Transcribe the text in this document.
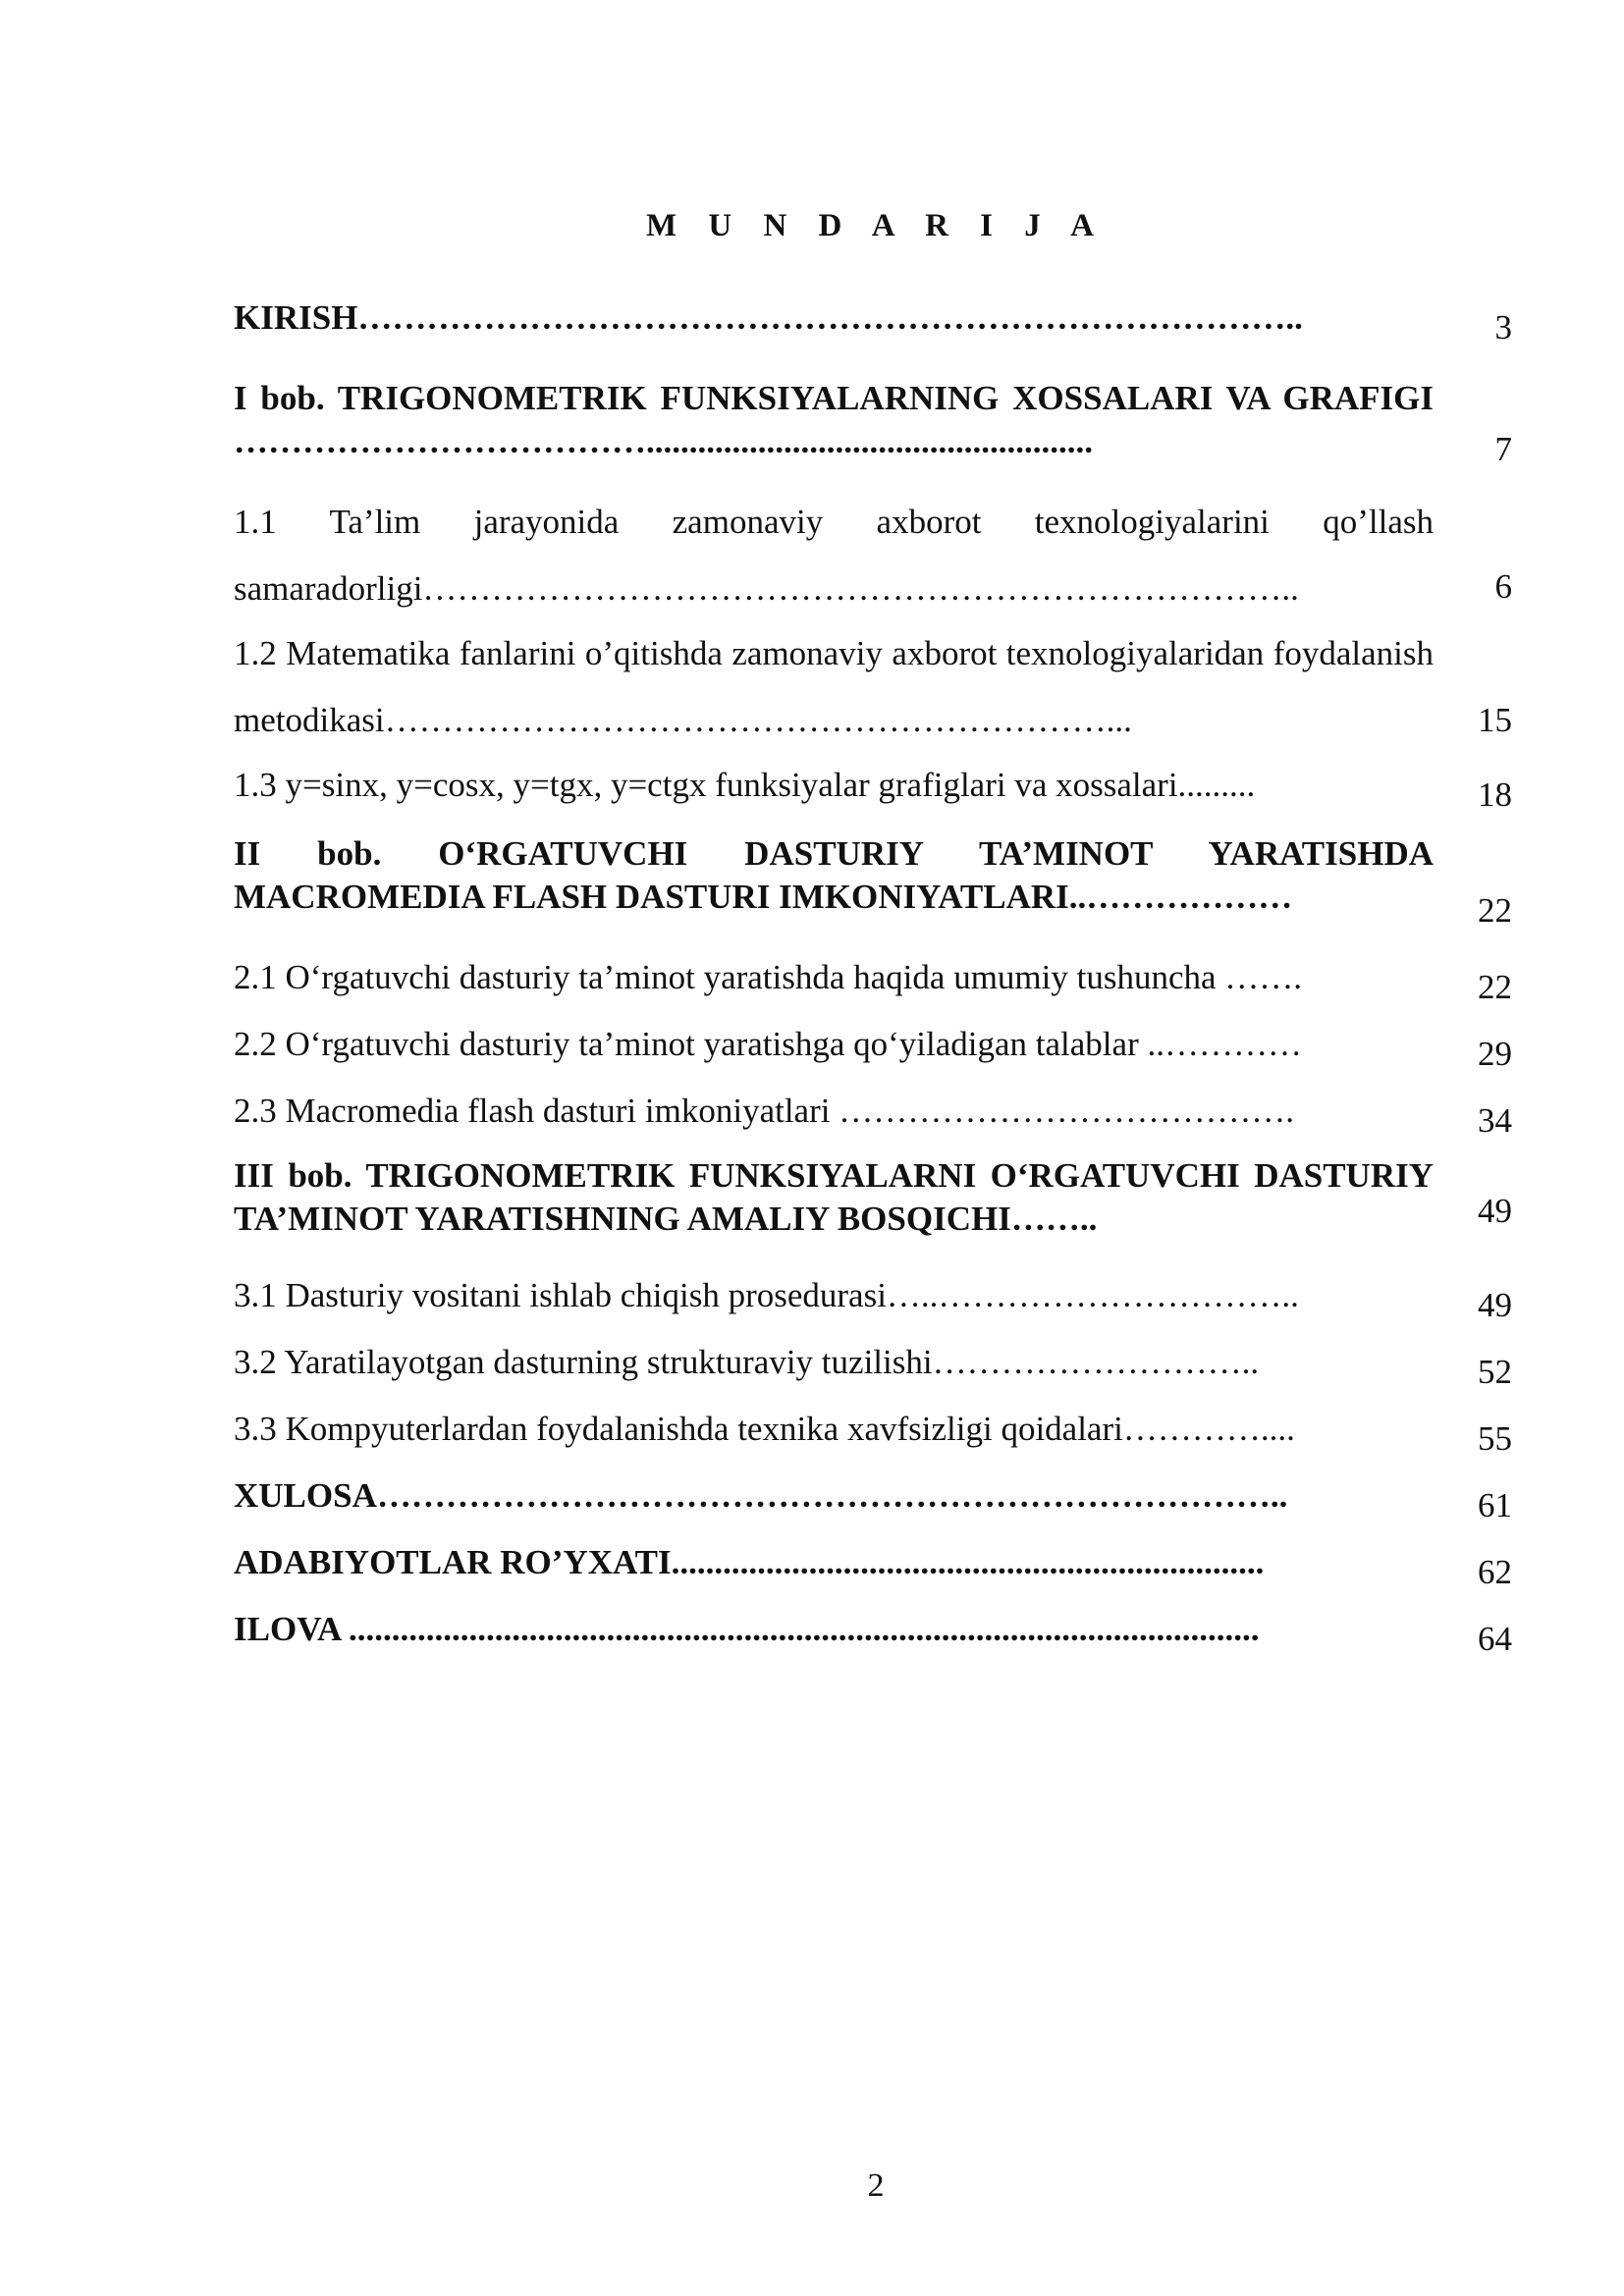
M U N D A R I J A
KIRISH………………………………………………………………………..	3
I bob. TRIGONOMETRIK FUNKSIYALARNING XOSSALARI VA GRAFIGI ………………………………....................................................	7
1.1 Ta’lim jarayonida zamonaviy axborot texnologiyalarini qo’llash samaradorligi…………………………………………………………………..	6
1.2 Matematika fanlarini o’qitishda zamonaviy axborot texnologiyalaridan foydalanish metodikasi………………………………………………………...	15
1.3 y=sinx, y=cosx, y=tgx, y=ctgx funksiyalar grafiglari va xossalari.........	18
II bob. O‘RGATUVCHI DASTURIY TA’MINOT YARATISHDA MACROMEDIA FLASH DASTURI IMKONIYATLARI..………………	22
2.1 O‘rgatuvchi dasturiy ta’minot yaratishda haqida umumiy tushuncha …….	22
2.2 O‘rgatuvchi dasturiy ta’minot yaratishga qo‘yiladigan talablar ..…………	29
2.3 Macromedia flash dasturi imkoniyatlari ………………………………….	34
III bob. TRIGONOMETRIK FUNKSIYALARNI O‘RGATUVCHI DASTURIY TA’MINOT YARATISHNING AMALIY BOSQICHI……..	49
3.1 Dasturiy vositani ishlab chiqish prosedurasi…..…………………………..	49
3.2 Yaratilayotgan dasturning strukturaviy tuzilishi………………………..	52
3.3 Kompyuterlardan foydalanishda texnika xavfsizligi qoidalari…………....	55
XULOSA……………………………………………………………………..	61
ADABIYOTLAR RO’YXATI.....................................................................	62
ILOVA ..........................................................................................................	64
2
